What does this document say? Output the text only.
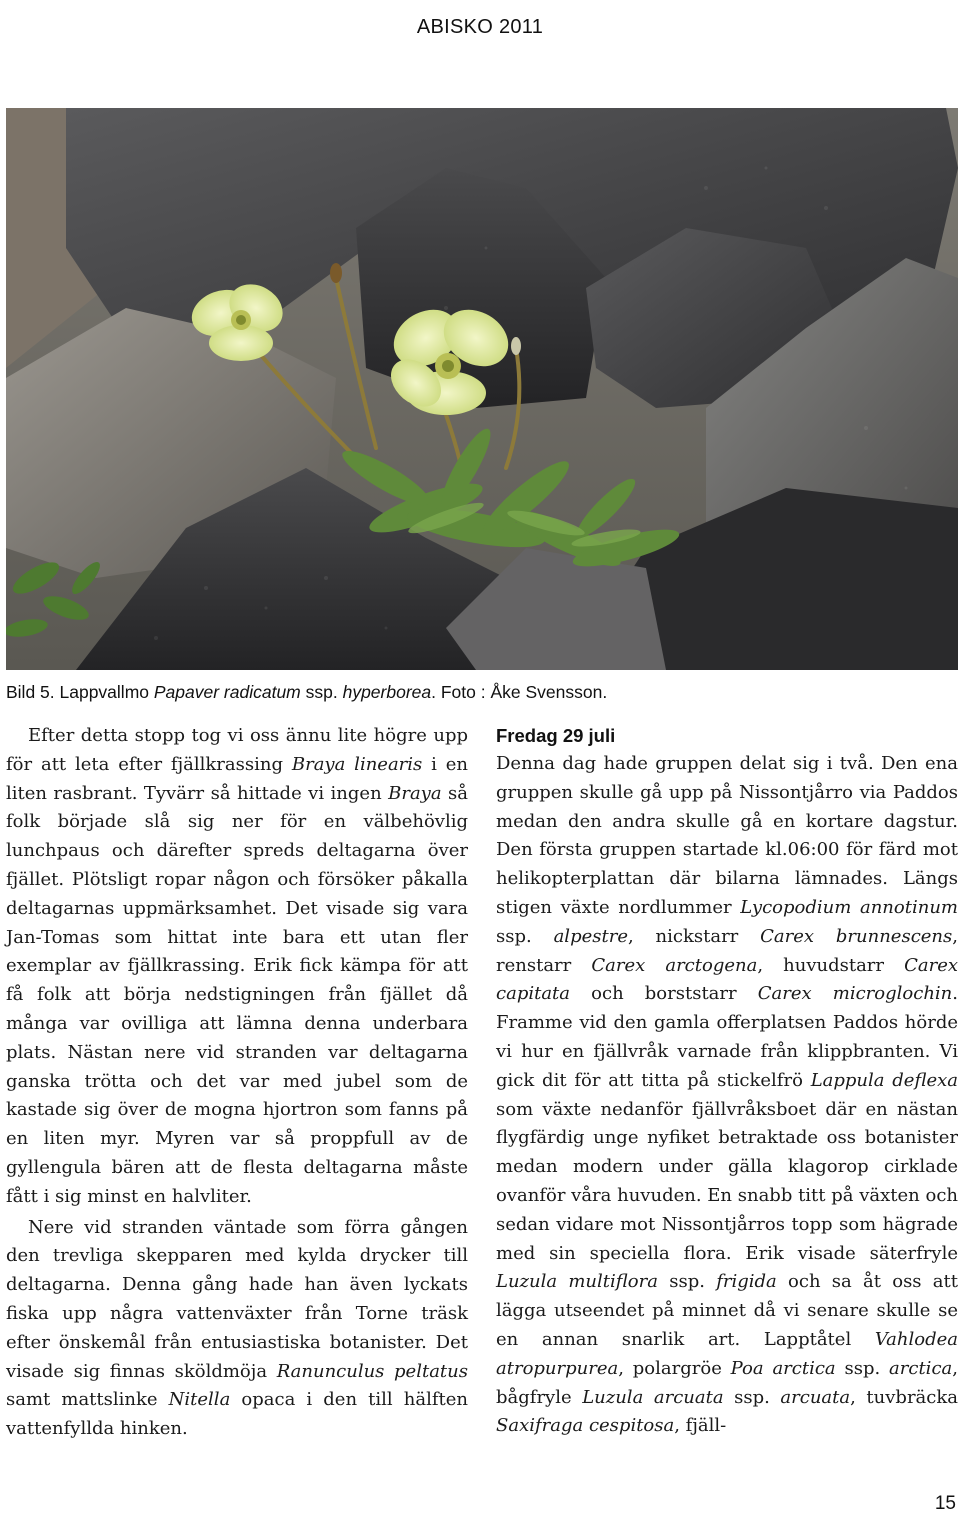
ABISKO 2011
Bild 5. Lappvallmo Papaver radicatum ssp. hyperborea. Foto : Åke Svensson.

Efter detta stopp tog vi oss ännu lite högre upp för att leta efter fjällkrassing Braya linearis i en liten rasbrant. Tyvärr så hittade vi ingen Braya så folk började slå sig ner för en välbehövlig lunchpaus och därefter spreds deltagarna över fjället. Plötsligt ropar någon och försöker påkalla deltagarnas uppmärksamhet. Det visade sig vara Jan-Tomas som hittat inte bara ett utan fler exemplar av fjällkrassing. Erik fick kämpa för att få folk att börja nedstigningen från fjället då många var ovilliga att lämna denna underbara plats. Nästan nere vid stranden var deltagarna ganska trötta och det var med jubel som de kastade sig över de mogna hjortron som fanns på en liten myr. Myren var så proppfull av de gyllengula bären att de flesta deltagarna måste fått i sig minst en halvliter.

Nere vid stranden väntade som förra gången den trevliga skepparen med kylda drycker till deltagarna. Denna gång hade han även lyckats fiska upp några vattenväxter från Torne träsk efter önskemål från entusiastiska botanister. Det visade sig finnas sköldmöja Ranunculus peltatus samt mattslinke Nitella opaca i den till hälften vattenfyllda hinken.

Fredag 29 juli

Denna dag hade gruppen delat sig i två. Den ena gruppen skulle gå upp på Nissontjårro via Paddos medan den andra skulle gå en kortare dagstur. Den första gruppen startade kl.06:00 för färd mot helikopterplattan där bilarna lämnades. Längs stigen växte nordlummer Lycopodium annotinum ssp. alpestre, nickstarr Carex brunnescens, renstarr Carex arctogena, huvudstarr Carex capitata och borststarr Carex microglochin. Framme vid den gamla offerplatsen Paddos hörde vi hur en fjällvråk varnade från klippbranten. Vi gick dit för att titta på stickelfrö Lappula deflexa som växte nedanför fjällvråksboet där en nästan flygfärdig unge nyfiket betraktade oss botanister medan modern under gälla klagorop cirklade ovanför våra huvuden. En snabb titt på växten och sedan vidare mot Nissontjårros topp som hägrade med sin speciella flora. Erik visade säterfryle Luzula multiflora ssp. frigida och sa åt oss att lägga utseendet på minnet då vi senare skulle se en annan snarlik art. Lapptåtel Vahlodea atropurpurea, polargröe Poa arctica ssp. arctica, bågfryle Luzula arcuata ssp. arcuata, tuvbräcka Saxifraga cespitosa, fjäll-

15
